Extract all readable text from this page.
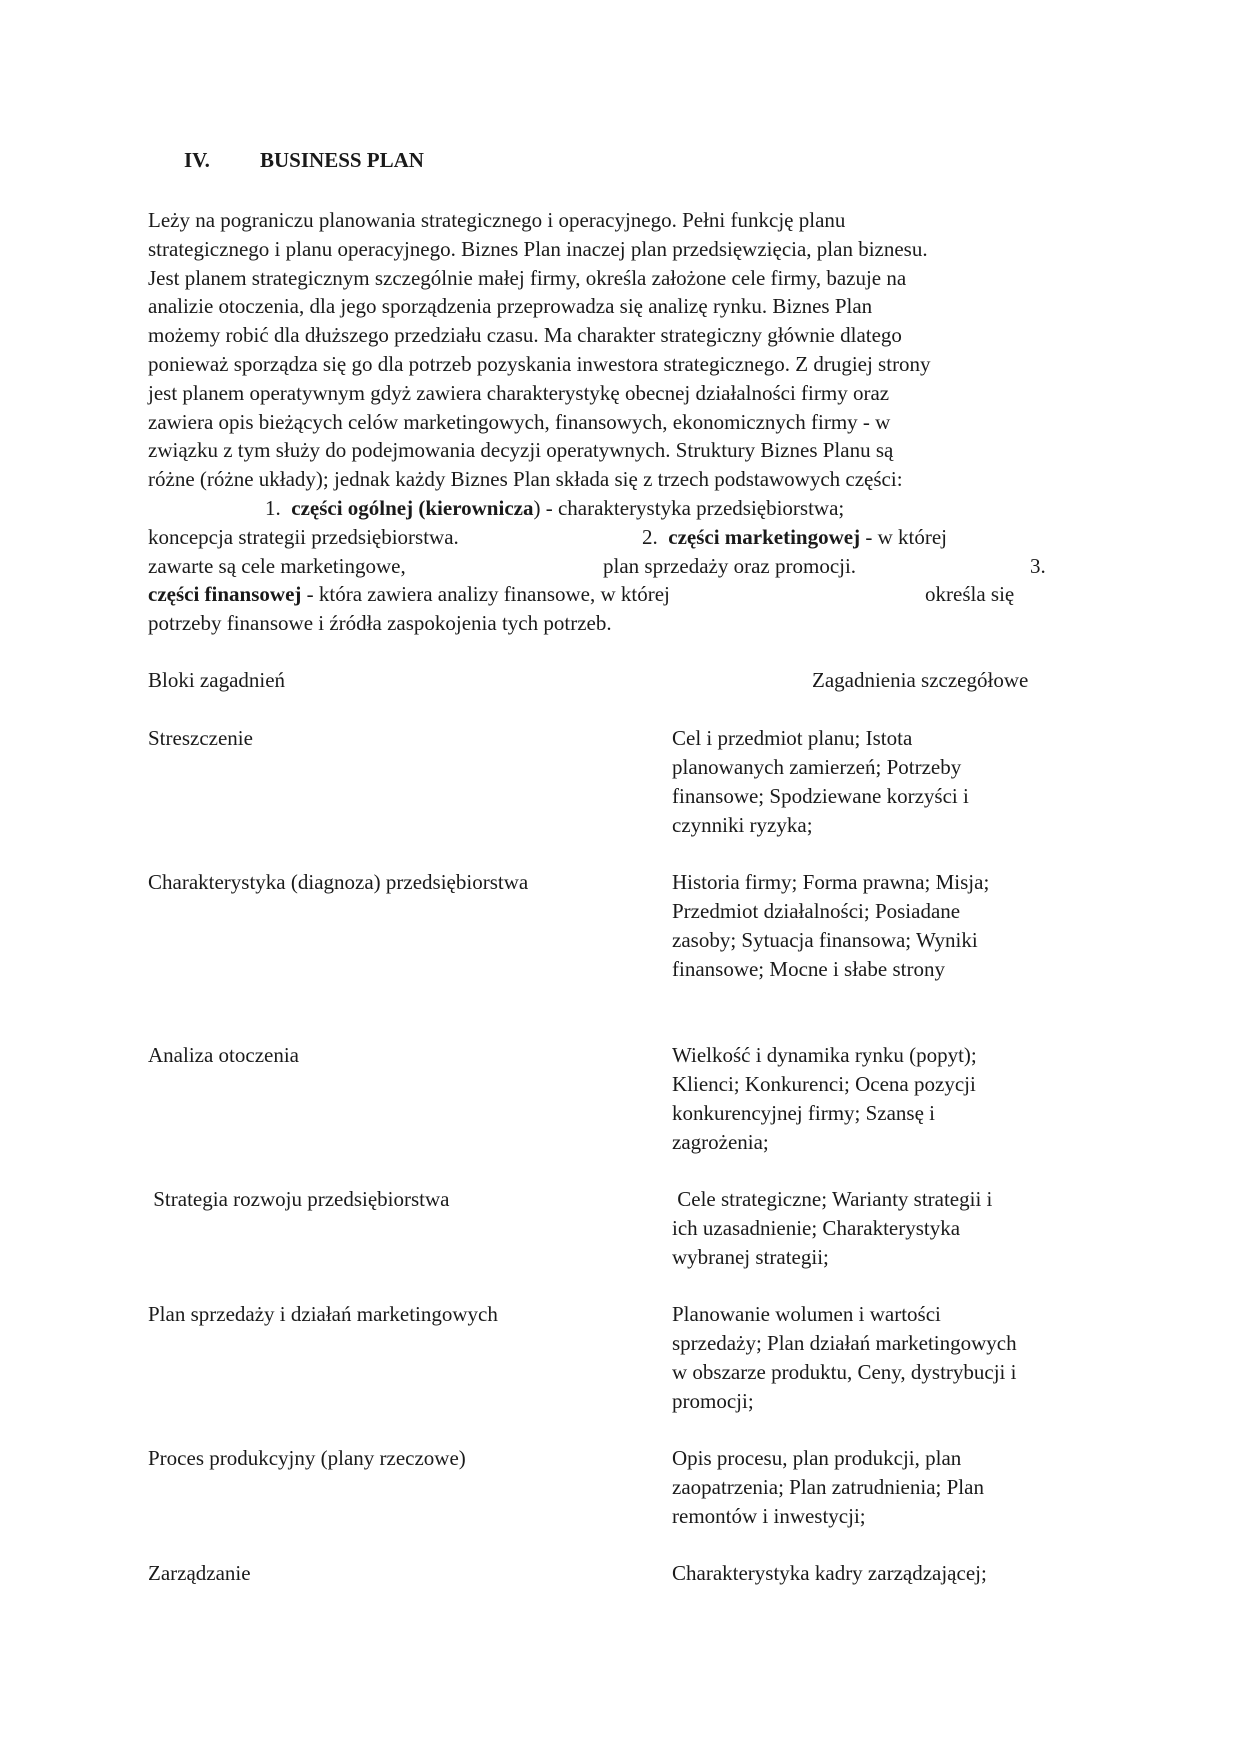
IV. BUSINESS PLAN
Leży na pograniczu planowania strategicznego i operacyjnego. Pełni funkcję planu
strategicznego i planu operacyjnego. Biznes Plan inaczej plan przedsięwzięcia, plan biznesu.
Jest planem strategicznym szczególnie małej firmy, określa założone cele firmy, bazuje na
analizie otoczenia, dla jego sporządzenia przeprowadza się analizę rynku. Biznes Plan
możemy robić dla dłuższego przedziału czasu. Ma charakter strategiczny głównie dlatego
ponieważ sporządza się go dla potrzeb pozyskania inwestora strategicznego. Z drugiej strony
jest planem operatywnym gdyż zawiera charakterystykę obecnej działalności firmy oraz
zawiera opis bieżących celów marketingowych, finansowych, ekonomicznych firmy - w
związku z tym służy do podejmowania decyzji operatywnych. Struktury Biznes Planu są
różne (różne układy); jednak każdy Biznes Plan składa się z trzech podstawowych części:
1. części ogólnej (kierownicza) - charakterystyka przedsiębiorstwa;
koncepcja strategii przedsiębiorstwa.	2. części marketingowej - w której
zawarte są cele marketingowe,	plan sprzedaży oraz promocji.	3.
części finansowej - która zawiera analizy finansowe, w której	określa się
potrzeby finansowe i źródła zaspokojenia tych potrzeb.
Bloki zagadnień	Zagadnienia szczegółowe
Streszczenie	Cel i przedmiot planu; Istota
planowanych zamierzeń; Potrzeby
finansowe; Spodziewane korzyści i
czynniki ryzyka;
Charakterystyka (diagnoza) przedsiębiorstwa	Historia firmy; Forma prawna; Misja;
Przedmiot działalności; Posiadane
zasoby; Sytuacja finansowa; Wyniki
finansowe; Mocne i słabe strony
Analiza otoczenia	Wielkość i dynamika rynku (popyt);
Klienci; Konkurenci; Ocena pozycji
konkurencyjnej firmy; Szansę i
zagrożenia;
Strategia rozwoju przedsiębiorstwa	Cele strategiczne; Warianty strategii i
ich uzasadnienie; Charakterystyka
wybranej strategii;
Plan sprzedaży i działań marketingowych	Planowanie wolumen i wartości
sprzedaży; Plan działań marketingowych
w obszarze produktu, Ceny, dystrybucji i
promocji;
Proces produkcyjny (plany rzeczowe)	Opis procesu, plan produkcji, plan
zaopatrzenia; Plan zatrudnienia; Plan
remontów i inwestycji;
Zarządzanie	Charakterystyka kadry zarządzającej;
